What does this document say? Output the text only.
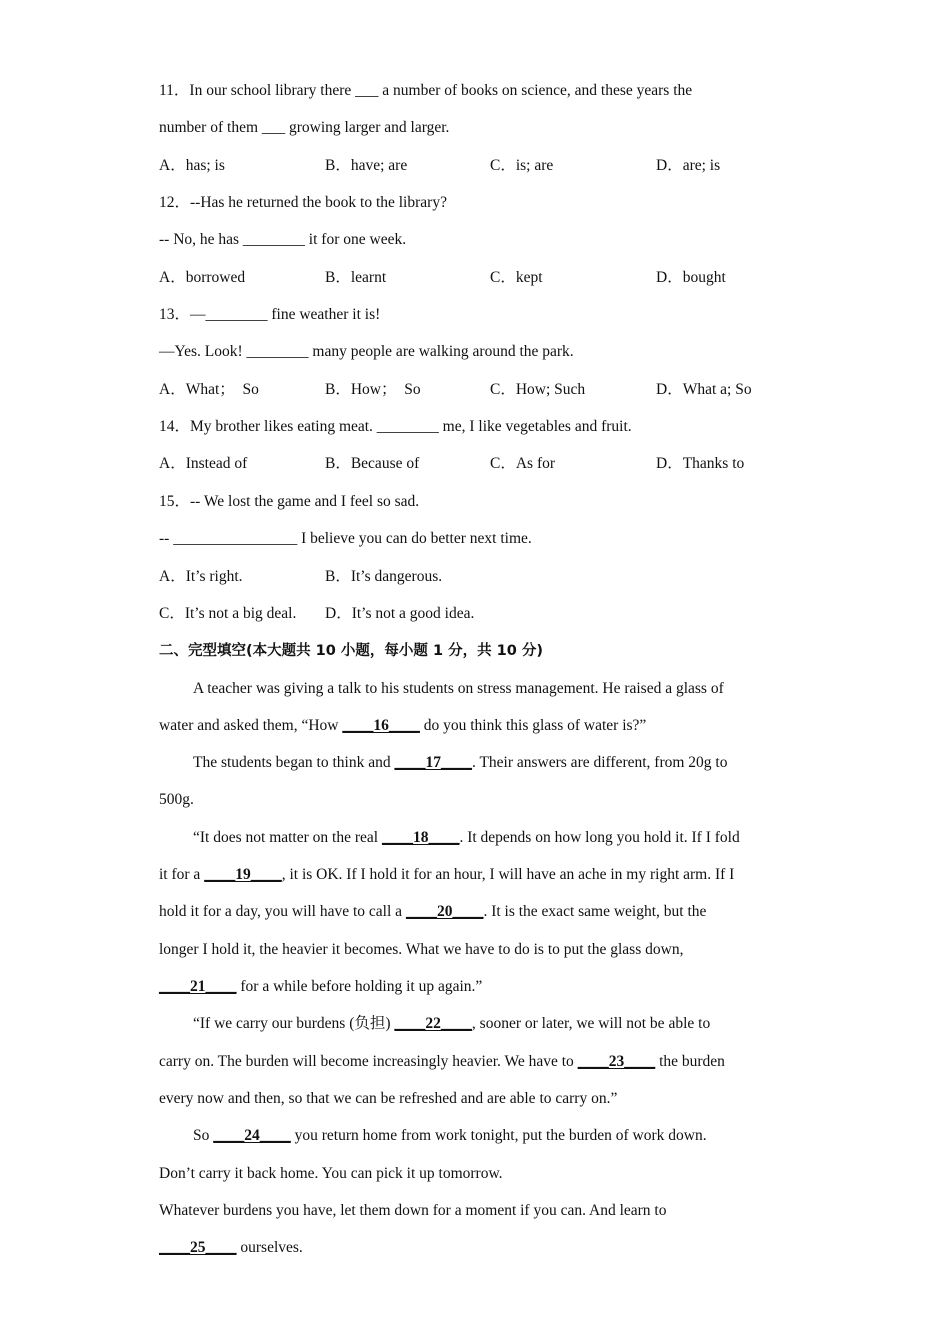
11．In our school library there ___ a number of books on science, and these years the
number of them ___ growing larger and larger.
A．has; is	B．have; are	C．is; are	D．are; is
12．--Has he returned the book to the library?
-- No, he has ________ it for one week.
A．borrowed	B．learnt	C．kept	D．bought
13．—________ fine weather it is!
—Yes. Look! ________ many people are walking around the park.
A．What；  So	B．How；  So	C．How; Such	D．What a; So
14．My brother likes eating meat. ________ me, I like vegetables and fruit.
A．Instead of	B．Because of	C．As for	D．Thanks to
15．-- We lost the game and I feel so sad.
-- ________________ I believe you can do better next time.
A．It’s right.	B．It’s dangerous.
C．It’s not a big deal. D．It’s not a good idea.
二、完型填空(本大题共 10 小题，每小题 1 分，共 10 分)
A teacher was giving a talk to his students on stress management. He raised a glass of
water and asked them, “How ____16____ do you think this glass of water is?”
The students began to think and ____17____. Their answers are different, from 20g to
500g.
“It does not matter on the real ____18____. It depends on how long you hold it. If I fold
it for a ____19____, it is OK. If I hold it for an hour, I will have an ache in my right arm. If I
hold it for a day, you will have to call a ____20____. It is the exact same weight, but the
longer I hold it, the heavier it becomes. What we have to do is to put the glass down,
____21____ for a while before holding it up again.”
“If we carry our burdens (负担) ____22____, sooner or later, we will not be able to
carry on. The burden will become increasingly heavier. We have to ____23____ the burden
every now and then, so that we can be refreshed and are able to carry on.”
So ____24____ you return home from work tonight, put the burden of work down.
Don’t carry it back home. You can pick it up tomorrow.
Whatever burdens you have, let them down for a moment if you can. And learn to
____25____ ourselves.
